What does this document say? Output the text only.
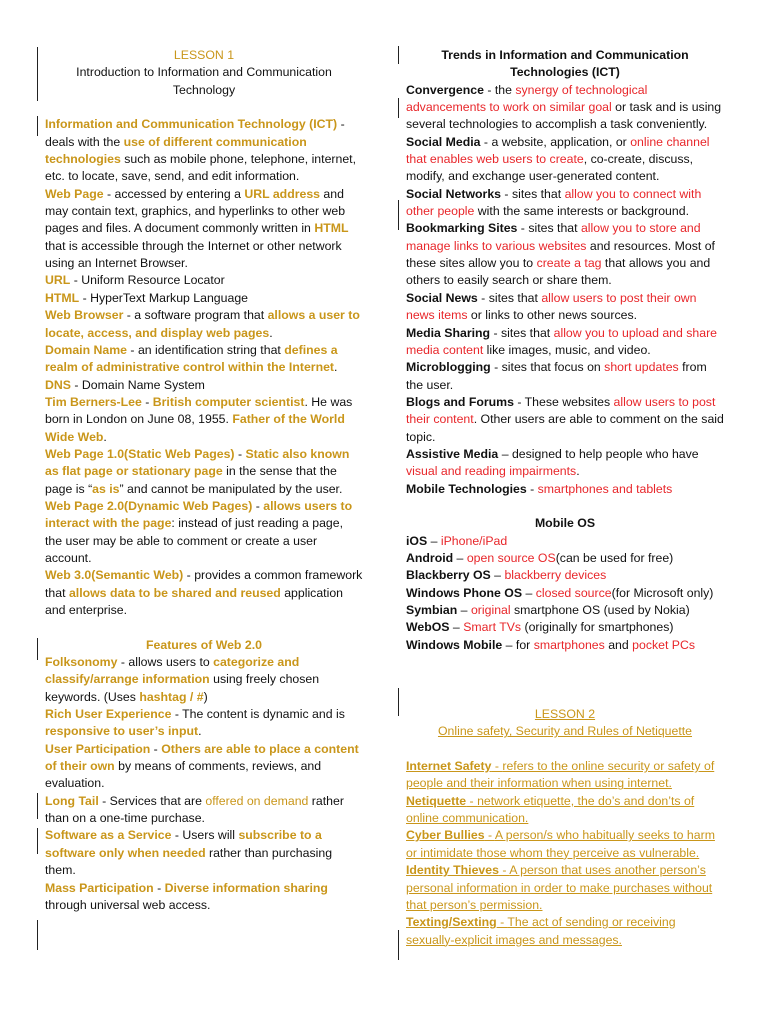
LESSON 1

Introduction to Information and Communication Technology

Information and Communication Technology (ICT) - deals with the use of different communication technologies such as mobile phone, telephone, internet, etc. to locate, save, send, and edit information.

Web Page - accessed by entering a URL address and may contain text, graphics, and hyperlinks to other web pages and files. A document commonly written in HTML that is accessible through the Internet or other network using an Internet Browser.

URL - Uniform Resource Locator

HTML - HyperText Markup Language

Web Browser - a software program that allows a user to locate, access, and display web pages.

Domain Name - an identification string that defines a realm of administrative control within the Internet.

DNS - Domain Name System

Tim Berners-Lee - British computer scientist. He was born in London on June 08, 1955. Father of the World Wide Web.

Web Page 1.0(Static Web Pages) - Static also known as flat page or stationary page in the sense that the page is “as is” and cannot be manipulated by the user.

Web Page 2.0(Dynamic Web Pages) - allows users to interact with the page: instead of just reading a page, the user may be able to comment or create a user account.

Web 3.0(Semantic Web) - provides a common framework that allows data to be shared and reused application and enterprise.

Features of Web 2.0

Folksonomy - allows users to categorize and classify/arrange information using freely chosen keywords. (Uses hashtag / #)

Rich User Experience - The content is dynamic and is responsive to user’s input.

User Participation - Others are able to place a content of their own by means of comments, reviews, and evaluation.

Long Tail - Services that are offered on demand rather than on a one-time purchase.

Software as a Service - Users will subscribe to a software only when needed rather than purchasing them.

Mass Participation - Diverse information sharing through universal web access.

Trends in Information and Communication Technologies (ICT)

Convergence - the synergy of technological advancements to work on similar goal or task and is using several technologies to accomplish a task conveniently.

Social Media - a website, application, or online channel that enables web users to create, co-create, discuss, modify, and exchange user-generated content.

Social Networks - sites that allow you to connect with other people with the same interests or background.

Bookmarking Sites - sites that allow you to store and manage links to various websites and resources. Most of these sites allow you to create a tag that allows you and others to easily search or share them.

Social News - sites that allow users to post their own news items or links to other news sources.

Media Sharing - sites that allow you to upload and share media content like images, music, and video.

Microblogging - sites that focus on short updates from the user.

Blogs and Forums - These websites allow users to post their content. Other users are able to comment on the said topic.

Assistive Media – designed to help people who have visual and reading impairments.

Mobile Technologies - smartphones and tablets

Mobile OS

iOS – iPhone/iPad

Android – open source OS(can be used for free)

Blackberry OS – blackberry devices

Windows Phone OS – closed source(for Microsoft only)

Symbian – original smartphone OS (used by Nokia)

WebOS – Smart TVs (originally for smartphones)

Windows Mobile – for smartphones and pocket PCs

LESSON 2

Online safety, Security and Rules of Netiquette

Internet Safety - refers to the online security or safety of people and their information when using internet.

Netiquette - network etiquette, the do’s and don’ts of online communication.

Cyber Bullies - A person/s who habitually seeks to harm or intimidate those whom they perceive as vulnerable.

Identity Thieves - A person that uses another person’s personal information in order to make purchases without that person’s permission.

Texting/Sexting - The act of sending or receiving sexually-explicit images and messages.
